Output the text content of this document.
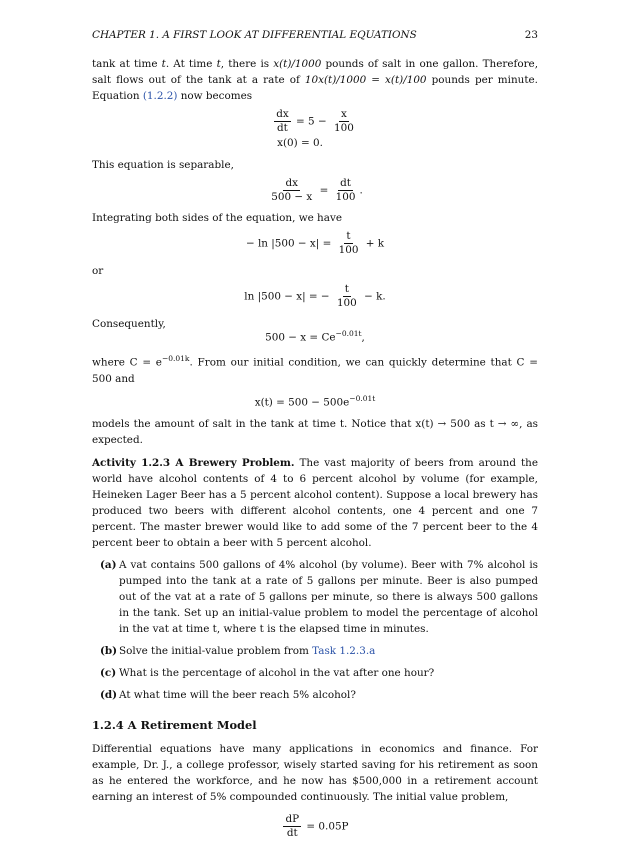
CHAPTER 1. A FIRST LOOK AT DIFFERENTIAL EQUATIONS	23

tank at time t. At time t, there is x(t)/1000 pounds of salt in one gallon. Therefore, salt flows out of the tank at a rate of 10x(t)/1000 = x(t)/100 pounds per minute. Equation (1.2.2) now becomes

$\frac{dx}{dt} = 5 - \frac{x}{100}$
x(0) = 0.

This equation is separable,

$\frac{dx}{500 - x} = \frac{dt}{100}$ .

Integrating both sides of the equation, we have

− $\ln |500 - x| = \frac{t}{100} + k$

or

ln |500 − x| = − $\frac{t}{100} - k$.

Consequently,

$500 - x = Ce^{-0.01t}$,

where $C = e^{-0.01k}$. From our initial condition, we can quickly determine that C = 500 and

$x(t) = 500 - 500e^{-0.01t}$

models the amount of salt in the tank at time t. Notice that x(t) → 500 as t → ∞, as expected.

Activity 1.2.3 A Brewery Problem. The vast majority of beers from around the world have alcohol contents of 4 to 6 percent alcohol by volume (for example, Heineken Lager Beer has a 5 percent alcohol content). Suppose a local brewery has produced two beers with different alcohol contents, one 4 percent and one 7 percent. The master brewer would like to add some of the 7 percent beer to the 4 percent beer to obtain a beer with 5 percent alcohol.

(a) A vat contains 500 gallons of 4% alcohol (by volume). Beer with 7% alcohol is pumped into the tank at a rate of 5 gallons per minute. Beer is also pumped out of the vat at a rate of 5 gallons per minute, so there is always 500 gallons in the tank. Set up an initial-value problem to model the percentage of alcohol in the vat at time t, where t is the elapsed time in minutes.
(b) Solve the initial-value problem from Task 1.2.3.a
(c) What is the percentage of alcohol in the vat after one hour?
(d) At what time will the beer reach 5% alcohol?
1.2.4 A Retirement Model

Differential equations have many applications in economics and finance. For example, Dr. J., a college professor, wisely started saving for his retirement as soon as he entered the workforce, and he now has $500,000 in a retirement account earning an interest of 5% compounded continuously. The initial value problem,

$\frac{dP}{dt} = 0.05P$
